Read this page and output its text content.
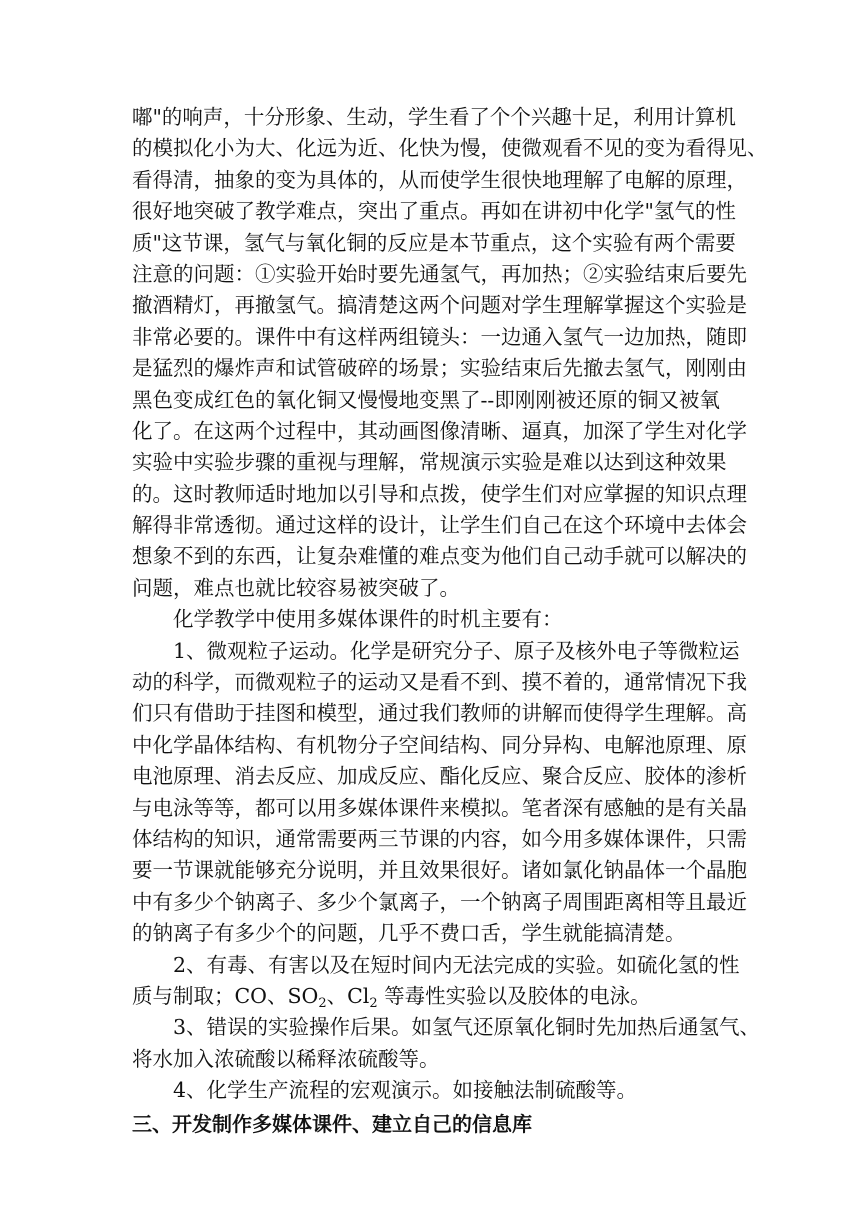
嘟"的响声，十分形象、生动，学生看了个个兴趣十足，利用计算机
的模拟化小为大、化远为近、化快为慢，使微观看不见的变为看得见、
看得清，抽象的变为具体的，从而使学生很快地理解了电解的原理，
很好地突破了教学难点，突出了重点。再如在讲初中化学"氢气的性
质"这节课，氢气与氧化铜的反应是本节重点，这个实验有两个需要
注意的问题：①实验开始时要先通氢气，再加热；②实验结束后要先
撤酒精灯，再撤氢气。搞清楚这两个问题对学生理解掌握这个实验是
非常必要的。课件中有这样两组镜头：一边通入氢气一边加热，随即
是猛烈的爆炸声和试管破碎的场景；实验结束后先撤去氢气，刚刚由
黑色变成红色的氧化铜又慢慢地变黑了--即刚刚被还原的铜又被氧
化了。在这两个过程中，其动画图像清晰、逼真，加深了学生对化学
实验中实验步骤的重视与理解，常规演示实验是难以达到这种效果
的。这时教师适时地加以引导和点拨，使学生们对应掌握的知识点理
解得非常透彻。通过这样的设计，让学生们自己在这个环境中去体会
想象不到的东西，让复杂难懂的难点变为他们自己动手就可以解决的
问题，难点也就比较容易被突破了。
化学教学中使用多媒体课件的时机主要有：
1、微观粒子运动。化学是研究分子、原子及核外电子等微粒运
动的科学，而微观粒子的运动又是看不到、摸不着的，通常情况下我
们只有借助于挂图和模型，通过我们教师的讲解而使得学生理解。高
中化学晶体结构、有机物分子空间结构、同分异构、电解池原理、原
电池原理、消去反应、加成反应、酯化反应、聚合反应、胶体的渗析
与电泳等等，都可以用多媒体课件来模拟。笔者深有感触的是有关晶
体结构的知识，通常需要两三节课的内容，如今用多媒体课件，只需
要一节课就能够充分说明，并且效果很好。诸如氯化钠晶体一个晶胞
中有多少个钠离子、多少个氯离子，一个钠离子周围距离相等且最近
的钠离子有多少个的问题，几乎不费口舌，学生就能搞清楚。
2、有毒、有害以及在短时间内无法完成的实验。如硫化氢的性
质与制取；CO、$SO_2$、$Cl_2$ 等毒性实验以及胶体的电泳。
3、错误的实验操作后果。如氢气还原氧化铜时先加热后通氢气、
将水加入浓硫酸以稀释浓硫酸等。
4、化学生产流程的宏观演示。如接触法制硫酸等。
三、开发制作多媒体课件、建立自己的信息库
